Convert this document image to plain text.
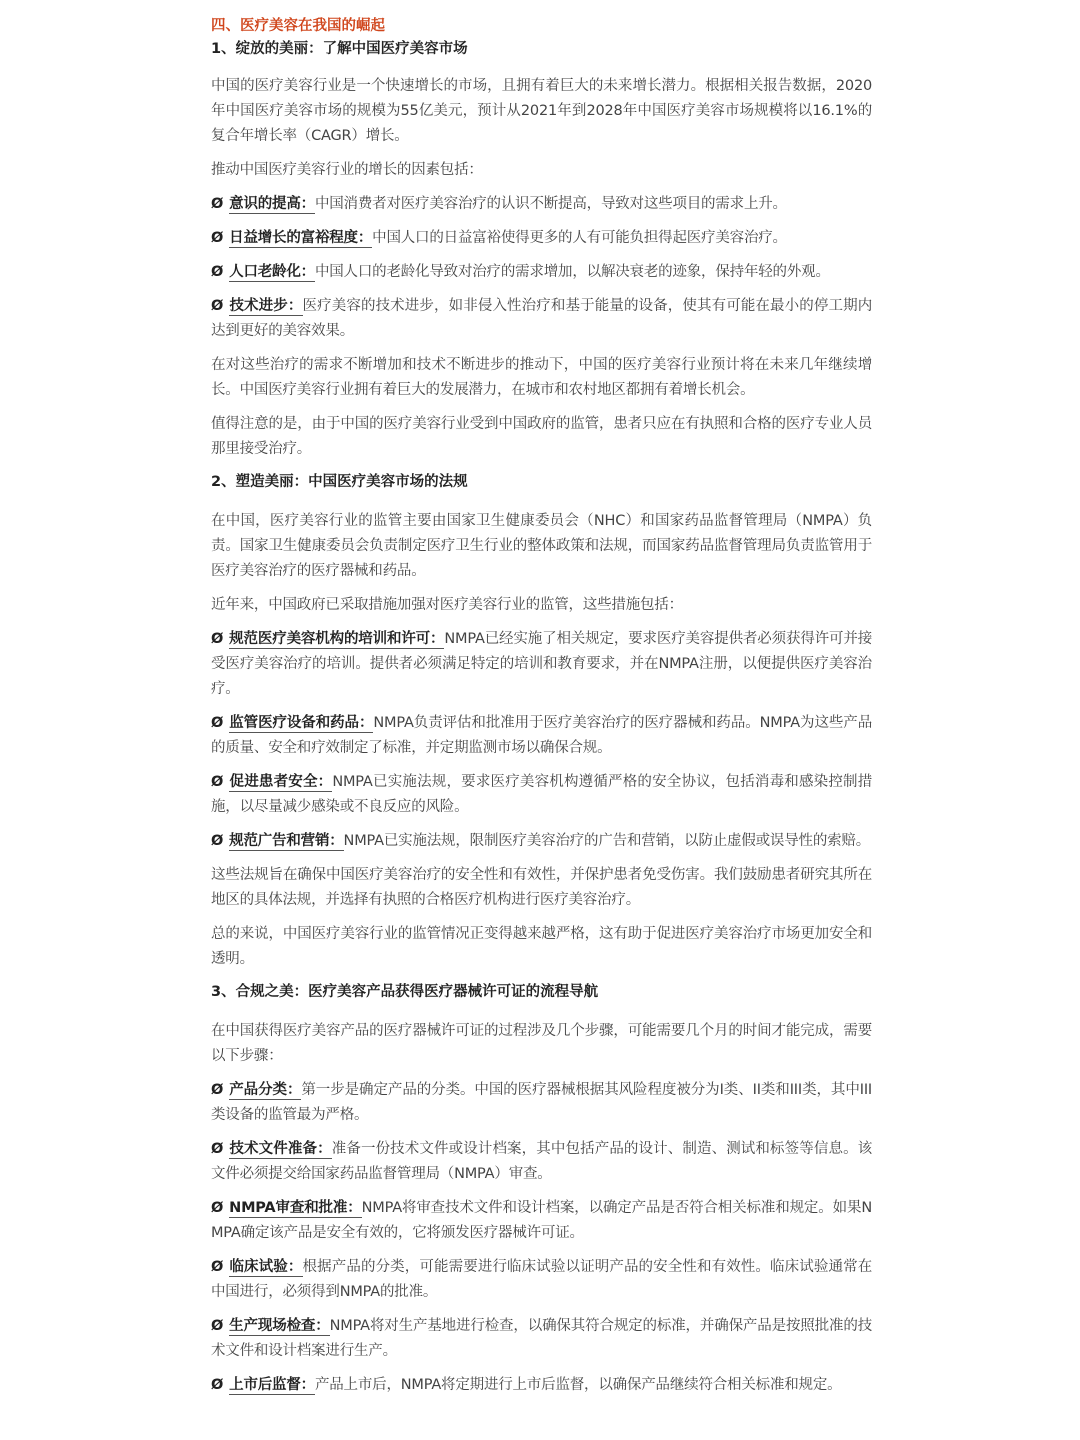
四、医疗美容在我国的崛起
1、绽放的美丽：了解中国医疗美容市场

中国的医疗美容行业是一个快速增长的市场，且拥有着巨大的未来增长潜力。根据相关报告数据，2020年中国医疗美容市场的规模为55亿美元，预计从2021年到2028年中国医疗美容市场规模将以16.1%的复合年增长率（CAGR）增长。

推动中国医疗美容行业的增长的因素包括：

Ø 意识的提高：中国消费者对医疗美容治疗的认识不断提高，导致对这些项目的需求上升。

Ø 日益增长的富裕程度：中国人口的日益富裕使得更多的人有可能负担得起医疗美容治疗。

Ø 人口老龄化：中国人口的老龄化导致对治疗的需求增加，以解决衰老的迹象，保持年轻的外观。

Ø 技术进步：医疗美容的技术进步，如非侵入性治疗和基于能量的设备，使其有可能在最小的停工期内达到更好的美容效果。

在对这些治疗的需求不断增加和技术不断进步的推动下，中国的医疗美容行业预计将在未来几年继续增长。中国医疗美容行业拥有着巨大的发展潜力，在城市和农村地区都拥有着增长机会。

值得注意的是，由于中国的医疗美容行业受到中国政府的监管，患者只应在有执照和合格的医疗专业人员那里接受治疗。

2、塑造美丽：中国医疗美容市场的法规

在中国，医疗美容行业的监管主要由国家卫生健康委员会（NHC）和国家药品监督管理局（NMPA）负责。国家卫生健康委员会负责制定医疗卫生行业的整体政策和法规，而国家药品监督管理局负责监管用于医疗美容治疗的医疗器械和药品。

近年来，中国政府已采取措施加强对医疗美容行业的监管，这些措施包括：

Ø 规范医疗美容机构的培训和许可：NMPA已经实施了相关规定，要求医疗美容提供者必须获得许可并接受医疗美容治疗的培训。提供者必须满足特定的培训和教育要求，并在NMPA注册，以便提供医疗美容治疗。

Ø 监管医疗设备和药品：NMPA负责评估和批准用于医疗美容治疗的医疗器械和药品。NMPA为这些产品的质量、安全和疗效制定了标准，并定期监测市场以确保合规。

Ø 促进患者安全：NMPA已实施法规，要求医疗美容机构遵循严格的安全协议，包括消毒和感染控制措施，以尽量减少感染或不良反应的风险。

Ø 规范广告和营销：NMPA已实施法规，限制医疗美容治疗的广告和营销，以防止虚假或误导性的索赔。

这些法规旨在确保中国医疗美容治疗的安全性和有效性，并保护患者免受伤害。我们鼓励患者研究其所在地区的具体法规，并选择有执照的合格医疗机构进行医疗美容治疗。

总的来说，中国医疗美容行业的监管情况正变得越来越严格，这有助于促进医疗美容治疗市场更加安全和透明。

3、合规之美：医疗美容产品获得医疗器械许可证的流程导航

在中国获得医疗美容产品的医疗器械许可证的过程涉及几个步骤，可能需要几个月的时间才能完成，需要以下步骤：

Ø 产品分类：第一步是确定产品的分类。中国的医疗器械根据其风险程度被分为I类、II类和III类，其中III类设备的监管最为严格。

Ø 技术文件准备：准备一份技术文件或设计档案，其中包括产品的设计、制造、测试和标签等信息。该文件必须提交给国家药品监督管理局（NMPA）审查。

Ø NMPA审查和批准：NMPA将审查技术文件和设计档案，以确定产品是否符合相关标准和规定。如果NMPA确定该产品是安全有效的，它将颁发医疗器械许可证。

Ø 临床试验：根据产品的分类，可能需要进行临床试验以证明产品的安全性和有效性。临床试验通常在中国进行，必须得到NMPA的批准。

Ø 生产现场检查：NMPA将对生产基地进行检查，以确保其符合规定的标准，并确保产品是按照批准的技术文件和设计档案进行生产。

Ø 上市后监督：产品上市后，NMPA将定期进行上市后监督，以确保产品继续符合相关标准和规定。
